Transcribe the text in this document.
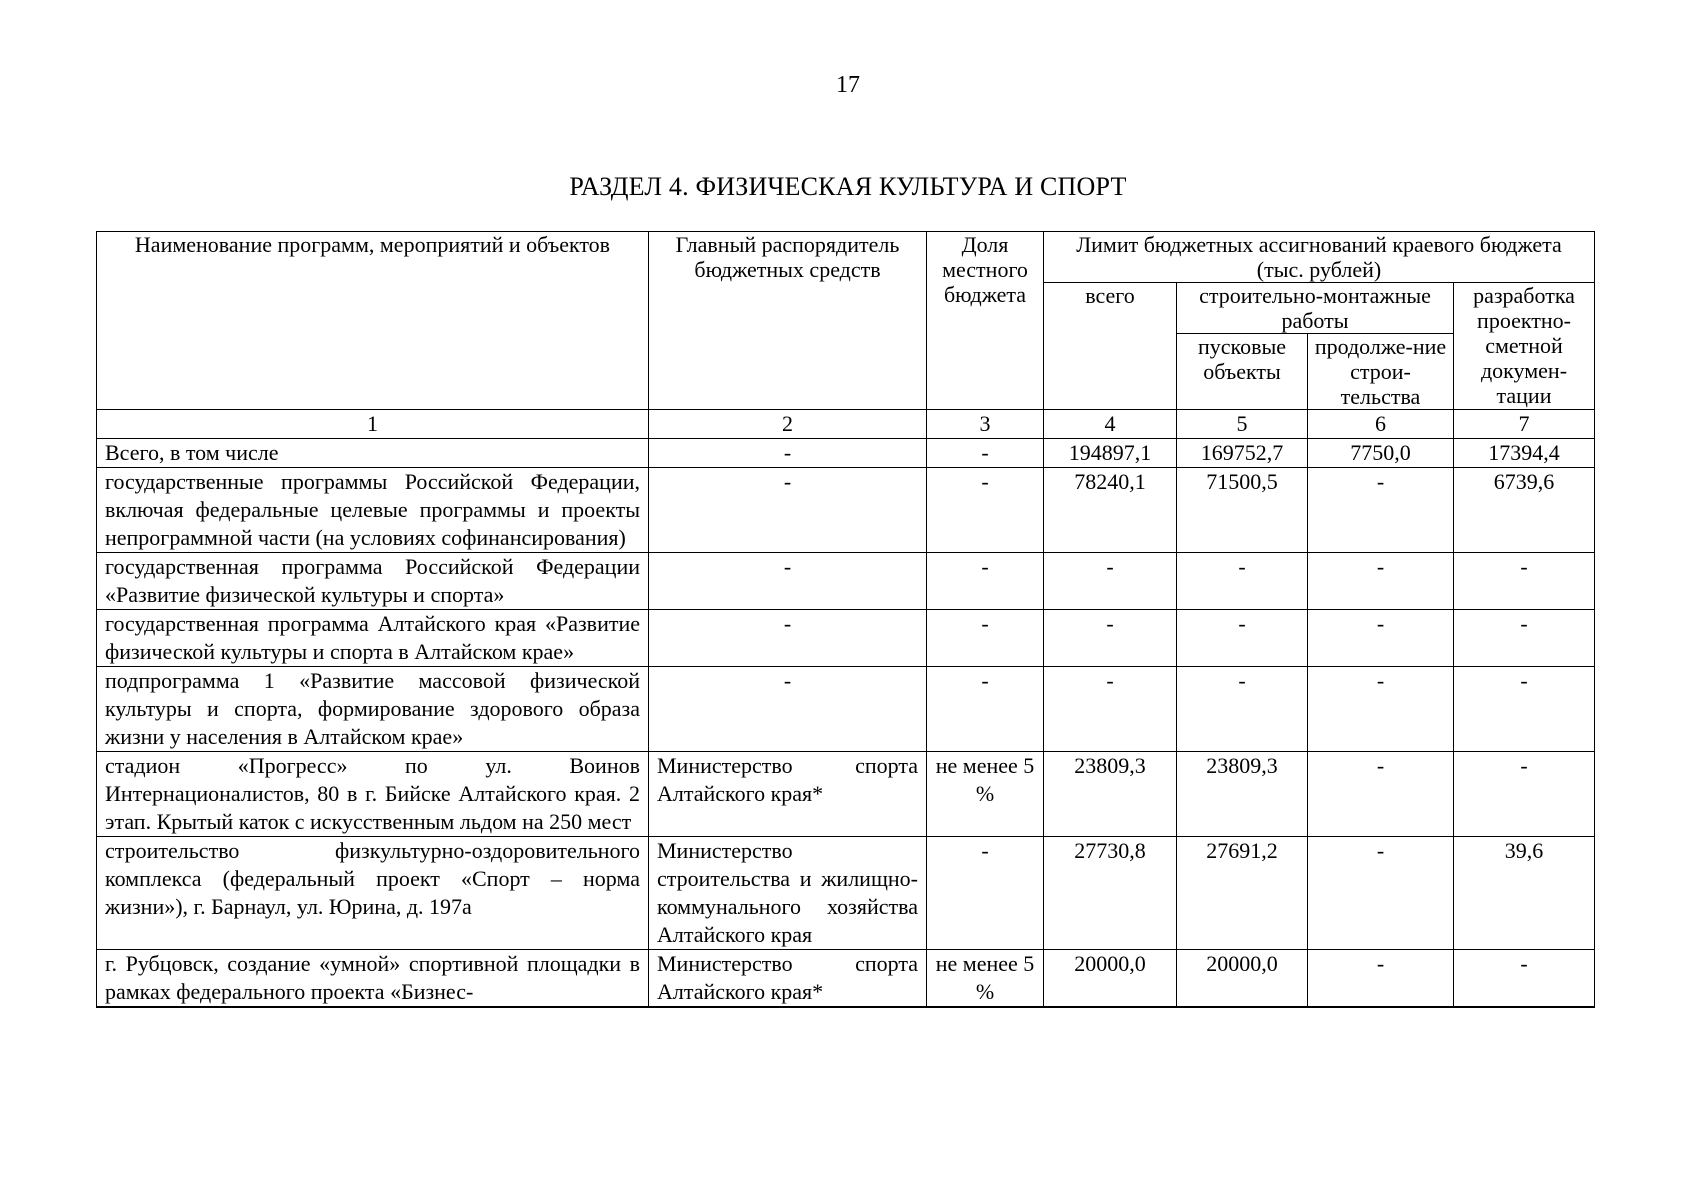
17
РАЗДЕЛ 4. ФИЗИЧЕСКАЯ КУЛЬТУРА И СПОРТ
Наименование программ, мероприятий и объектов	Главный распорядитель бюджетных средств	Доля местного бюджета	Лимит бюджетных ассигнований краевого бюджета (тыс. рублей)			
			всего	строительно-монтажные работы		разработка проектно-сметной докумен-тации
				пусковые объекты	продолже-ние строи-тельства	
1	2	3	4	5	6	7
Всего, в том числе	-	-	194897,1	169752,7	7750,0	17394,4
государственные программы Российской Федерации, включая федеральные целевые программы и проекты непрограммной части (на условиях софинансирования)	-	-	78240,1	71500,5	-	6739,6
государственная программа Российской Федерации «Развитие физической культуры и спорта»	-	-	-	-	-	-
государственная программа Алтайского края «Развитие физической культуры и спорта в Алтайском крае»	-	-	-	-	-	-
подпрограмма 1 «Развитие массовой физической культуры и спорта, формирование здорового образа жизни у населения в Алтайском крае»	-	-	-	-	-	-
стадион «Прогресс» по ул. Воинов Интернационалистов, 80 в г. Бийске Алтайского края. 2 этап. Крытый каток с искусственным льдом на 250 мест	Министерство спорта Алтайского края*	не менее 5 %	23809,3	23809,3	-	-
строительство физкультурно-оздоровительного комплекса (федеральный проект «Спорт – норма жизни»), г. Барнаул, ул. Юрина, д. 197а	Министерство строительства и жилищно-коммунального хозяйства Алтайского края	-	27730,8	27691,2	-	39,6
г. Рубцовск, создание «умной» спортивной площадки в рамках федерального проекта «Бизнес-	Министерство спорта Алтайского края*	не менее 5 %	20000,0	20000,0	-	-
